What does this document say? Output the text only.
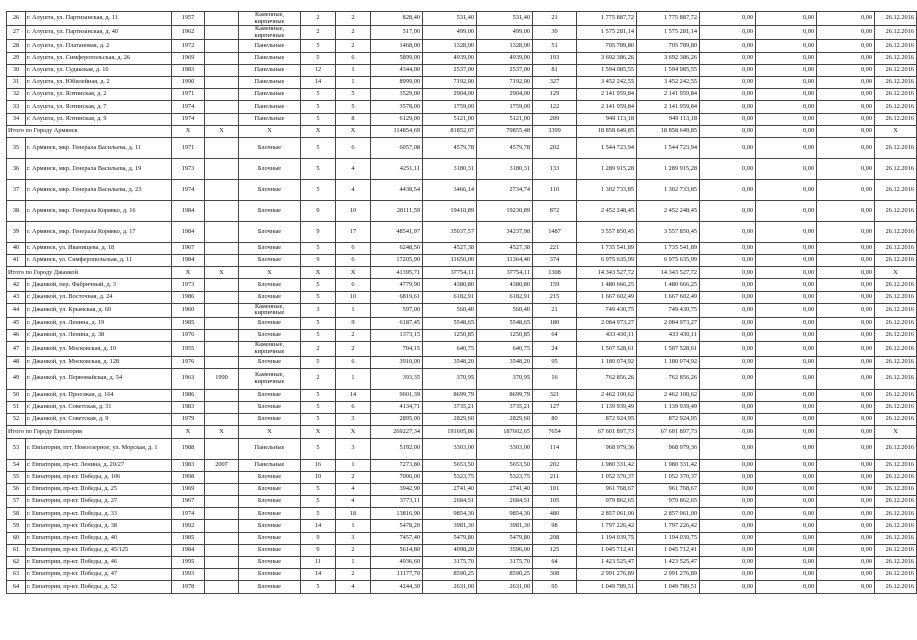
26	г. Алушта, ул. Партизанская, д. 11	1957		Каменные, кирпичные	2	2	828,40	531,40	531,40	21	1 775 887,72	1 775 887,72	0,00	0,00	0,00	26.12.2016
27	г. Алушта, ул. Партизанская, д. 40	1962		Каменные, кирпичные	2	2	517,00	499,00	499,00	30	1 575 281,14	1 575 281,14	0,00	0,00	0,00	26.12.2016
28	г. Алушта, ул. Платановая, д. 2	1972		Панельные	5	2	1468,00	1328,00	1328,00	51	705 789,80	705 789,80	0,00	0,00	0,00	26.12.2016
29	г. Алушта, ул. Симферопольская, д. 26	1969		Панельные	5	6	5899,00	4939,00	4939,00	193	3 692 386,26	3 692 386,26	0,00	0,00	0,00	26.12.2016
30	г. Алушта, ул. Судакская, д. 16	1983		Панельные	12	1	4344,00	2537,00	2537,00	81	1 594 085,55	1 594 085,55	0,00	0,00	0,00	26.12.2016
31	г. Алушта, ул. Юбилейная, д. 2	1990		Панельные	14	1	8999,00	7192,00	7192,00	327	3 452 242,55	3 452 242,55	0,00	0,00	0,00	26.12.2016
32	г. Алушта, ул. Ялтинская, д. 2	1971		Панельные	5	5	3529,00	2904,00	2904,00	129	2 141 959,84	2 141 959,84	0,00	0,00	0,00	26.12.2016
33	г. Алушта, ул. Ялтинская, д. 7	1974		Панельные	5	5	3578,00	1759,00	1759,00	122	2 141 959,84	2 141 959,84	0,00	0,00	0,00	26.12.2016
34	г. Алушта, ул. Ялтинская, д. 9	1974		Панельные	5	8	6129,00	5121,00	5121,00	209	949 113,18	949 113,18	0,00	0,00	0,00	26.12.2016
Итого по Городу Армянск		X	X	X	X	X	114854,69	81852,07	79855,48	3399	18 858 649,85	18 858 649,85	0,00	0,00	0,00	X
35	г. Армянск, мкр. Генерала Васильева, д. 11	1971		Блочные	5	6	6057,08	4579,78	4579,78	202	1 544 723,94	1 544 723,94	0,00	0,00	0,00	26.12.2016
36	г. Армянск, мкр. Генерала Васильева, д. 19	1973		Блочные	5	4	4251,11	3180,31	3180,31	133	1 289 915,28	1 289 915,28	0,00	0,00	0,00	26.12.2016
37	г. Армянск, мкр. Генерала Васильева, д. 23	1974		Блочные	5	4	4438,54	3466,14	2734,74	110	1 302 733,85	1 302 733,85	0,00	0,00	0,00	26.12.2016
38	г. Армянск, мкр. Генерала Корявко, д. 16	1984		Блочные	9	10	28111,59	19410,89	19230,89	872	2 452 248,45	2 452 248,45	0,00	0,00	0,00	26.12.2016
39	г. Армянск, мкр. Генерала Корявко, д. 17	1984		Блочные	9	17	48541,97	35037,57	34237,98	1487	3 557 850,45	3 557 850,45	0,00	0,00	0,00	26.12.2016
40	г. Армянск, ул. Иванищева, д. 18	1967		Блочные	5	6	6248,50	4527,38	4527,38	221	1 735 541,89	1 735 541,89	0,00	0,00	0,00	26.12.2016
41	г. Армянск, ул. Симферопольская, д. 11	1984		Блочные	9	6	17205,90	11650,00	11364,40	374	6 975 635,99	6 975 635,99	0,00	0,00	0,00	26.12.2016
Итого по Городу Джанкой		X	X	X	X	X	41395,71	37754,11	37754,11	1308	14 343 527,72	14 343 527,72	0,00	0,00	0,00	X
42	г. Джанкой, пер. Фабричный, д. 3	1973		Блочные	5	6	4779,90	4380,80	4380,80	159	1 480 666,25	1 480 666,25	0,00	0,00	0,00	26.12.2016
43	г. Джанкой, ул. Восточная, д. 24	1986		Блочные	5	10	6819,61	6182,91	6182,91	215	1 667 602,49	1 667 602,49	0,00	0,00	0,00	26.12.2016
44	г. Джанкой, ул. Крымская, д. 60	1960		Каменные, кирпичные	3	1	597,00	560,40	560,40	21	749 430,75	749 430,75	0,00	0,00	0,00	26.12.2016
45	г. Джанкой, ул. Ленина, д. 19	1985		Блочные	5	9	6187,45	5548,65	5548,65	180	2 084 973,27	2 084 973,27	0,00	0,00	0,00	26.12.2016
46	г. Джанкой, ул. Ленина, д. 38	1976		Блочные	5	2	1373,15	1250,85	1250,85	64	433 430,11	433 430,11	0,00	0,00	0,00	26.12.2016
47	г. Джанкой, ул. Московская, д. 10	1955		Каменные, кирпичные	2	2	704,15	640,75	640,75	24	1 507 528,61	1 507 528,61	0,00	0,00	0,00	26.12.2016
48	г. Джанкой, ул. Московская, д. 128	1976		Блочные	5	6	3910,00	3548,20	3548,20	95	1 180 074,92	1 180 074,92	0,00	0,00	0,00	26.12.2016
49	г. Джанкой, ул. Первомайская, д. 54	1963	1990	Каменные, кирпичные	2	1	393,35	370,95	370,95	16	762 856,26	762 856,26	0,00	0,00	0,00	26.12.2016
50	г. Джанкой, ул. Проезжая, д. 164	1986		Блочные	5	14	9601,39	8699,79	8699,79	321	2 462 100,62	2 462 100,62	0,00	0,00	0,00	26.12.2016
51	г. Джанкой, ул. Советская, д. 31	1983		Блочные	5	6	4134,71	3735,21	3735,21	127	1 139 939,49	1 139 939,49	0,00	0,00	0,00	26.12.2016
52	г. Джанкой, ул. Советская, д. 9	1979		Блочные	5	3	2895,00	2829,60	2829,60	80	872 924,95	872 924,95	0,00	0,00	0,00	26.12.2016
Итого по Городу Евпатория		X	X	X	X	X	269227,34	191605,86	187602,65	7654	67 601 897,73	67 601 897,73	0,00	0,00	0,00	X
53	г. Евпатория, пгт. Новоозерное, ул. Морская, д. 1	1988		Панельные	5	3	5192,00	3303,00	3303,00	114	968 979,36	968 979,36	0,00	0,00	0,00	26.12.2016
54	г. Евпатория, пр-кт. Ленина, д. 20/27	1983	2007	Панельные	16	1	7273,80	5653,50	5653,50	202	1 980 331,42	1 980 331,42	0,00	0,00	0,00	26.12.2016
55	г. Евпатория, пр-кт. Победы, д. 106	1998		Блочные	10	2	7000,00	5323,75	5323,75	211	1 052 370,37	1 052 370,37	0,00	0,00	0,00	26.12.2016
56	г. Евпатория, пр-кт. Победы, д. 25	1969		Блочные	5	4	3942,90	2741,40	2741,40	101	961 768,67	961 768,67	0,00	0,00	0,00	26.12.2016
57	г. Евпатория, пр-кт. Победы, д. 27	1967		Блочные	5	4	3773,11	2684,51	2684,51	105	979 862,65	979 862,65	0,00	0,00	0,00	26.12.2016
58	г. Евпатория, пр-кт. Победы, д. 33	1974		Блочные	5	18	13816,90	9854,30	9854,30	480	2 857 061,00	2 857 061,00	0,00	0,00	0,00	26.12.2016
59	г. Евпатория, пр-кт. Победы, д. 38	1992		Блочные	14	1	5478,20	3981,30	3981,30	98	1 797 226,42	1 797 226,42	0,00	0,00	0,00	26.12.2016
60	г. Евпатория, пр-кт. Победы, д. 40	1985		Блочные	9	3	7457,40	5479,80	5479,80	208	1 194 039,75	1 194 039,75	0,00	0,00	0,00	26.12.2016
61	г. Евпатория, пр-кт. Победы, д. 45/125	1984		Блочные	9	2	5614,80	4098,20	3596,00	125	1 045 712,41	1 045 712,41	0,00	0,00	0,00	26.12.2016
62	г. Евпатория, пр-кт. Победы, д. 46	1995		Блочные	11	1	4936,60	3175,70	3175,70	64	1 423 525,47	1 423 525,47	0,00	0,00	0,00	26.12.2016
63	г. Евпатория, пр-кт. Победы, д. 47	1993		Блочные	14	2	11177,70	8590,25	8590,25	308	2 991 276,89	2 991 276,89	0,00	0,00	0,00	26.12.2016
64	г. Евпатория, пр-кт. Победы, д. 52	1978		Блочные	5	4	4244,30	2631,00	2631,00	95	1 049 789,51	1 049 789,51	0,00	0,00	0,00	26.12.2016
